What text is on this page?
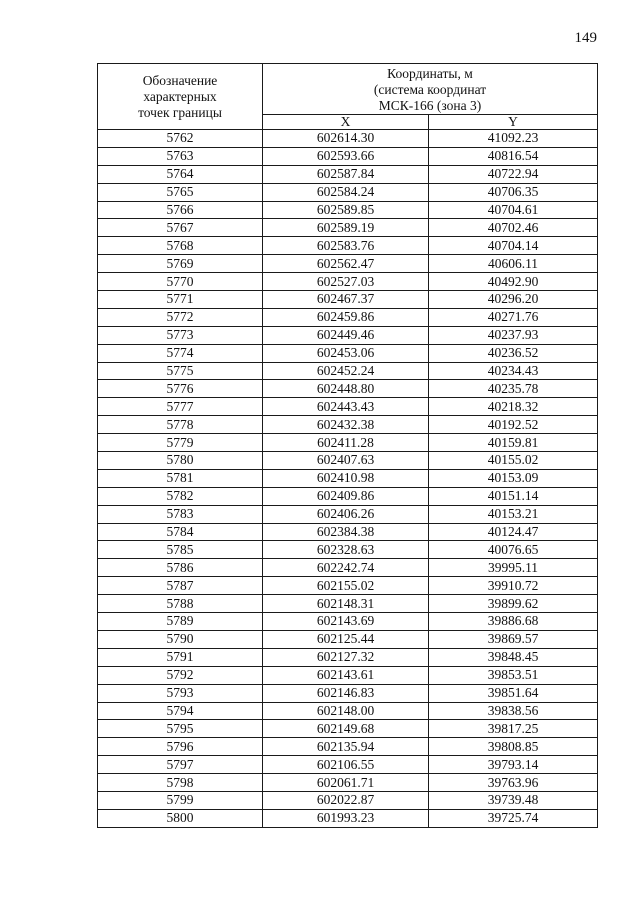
149
Обозначение
характерных
точек границы	Координаты, м
(система координат
МСК-166 (зона 3)	

	X	Y
5762	602614.30	41092.23
5763	602593.66	40816.54
5764	602587.84	40722.94
5765	602584.24	40706.35
5766	602589.85	40704.61
5767	602589.19	40702.46
5768	602583.76	40704.14
5769	602562.47	40606.11
5770	602527.03	40492.90
5771	602467.37	40296.20
5772	602459.86	40271.76
5773	602449.46	40237.93
5774	602453.06	40236.52
5775	602452.24	40234.43
5776	602448.80	40235.78
5777	602443.43	40218.32
5778	602432.38	40192.52
5779	602411.28	40159.81
5780	602407.63	40155.02
5781	602410.98	40153.09
5782	602409.86	40151.14
5783	602406.26	40153.21
5784	602384.38	40124.47
5785	602328.63	40076.65
5786	602242.74	39995.11
5787	602155.02	39910.72
5788	602148.31	39899.62
5789	602143.69	39886.68
5790	602125.44	39869.57
5791	602127.32	39848.45
5792	602143.61	39853.51
5793	602146.83	39851.64
5794	602148.00	39838.56
5795	602149.68	39817.25
5796	602135.94	39808.85
5797	602106.55	39793.14
5798	602061.71	39763.96
5799	602022.87	39739.48
5800	601993.23	39725.74
